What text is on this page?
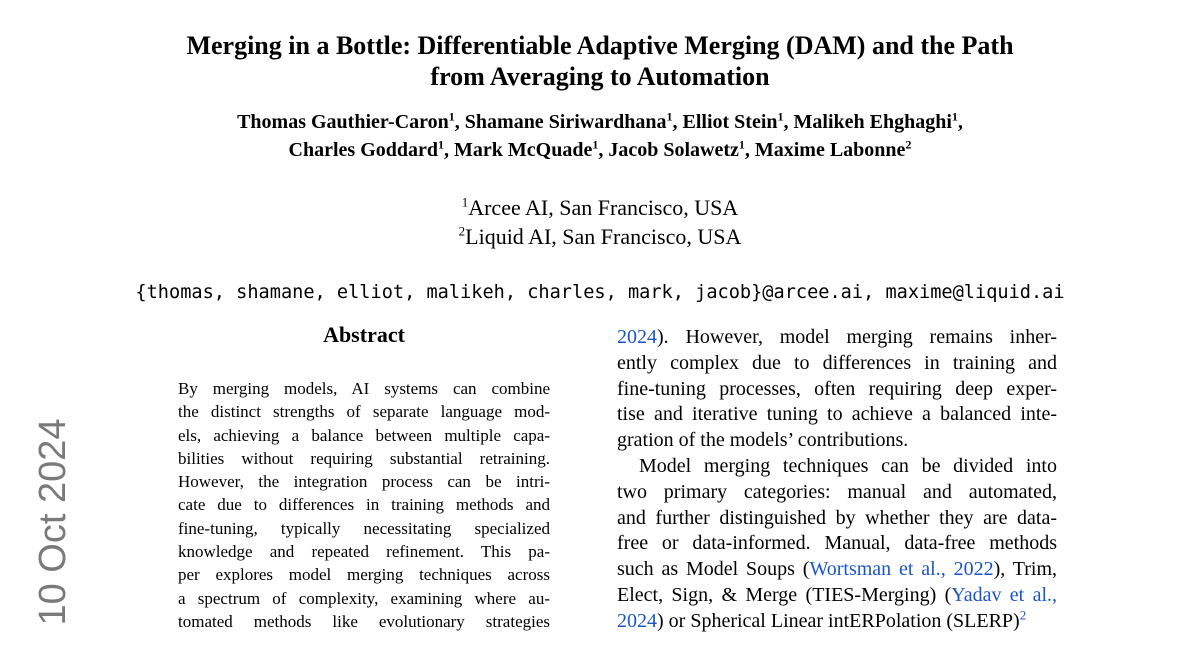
Merging in a Bottle: Differentiable Adaptive Merging (DAM) and the Path
from Averaging to Automation
Thomas Gauthier-Caron$^1$, Shamane Siriwardhana$^1$, Elliot Stein$^1$, Malikeh Ehghaghi$^1$,
Charles Goddard$^1$, Mark McQuade$^1$, Jacob Solawetz$^1$, Maxime Labonne$^2$
$^1$Arcee AI, San Francisco, USA
$^2$Liquid AI, San Francisco, USA
{thomas, shamane, elliot, malikeh, charles, mark, jacob}@arcee.ai, maxime@liquid.ai
Abstract
By merging models, AI systems can combine
the distinct strengths of separate language mod-
els, achieving a balance between multiple capa-
bilities without requiring substantial retraining.
However, the integration process can be intri-
cate due to differences in training methods and
fine-tuning, typically necessitating specialized
knowledge and repeated refinement. This pa-
per explores model merging techniques across
a spectrum of complexity, examining where au-
tomated methods like evolutionary strategies
2024). However, model merging remains inher-
ently complex due to differences in training and
fine-tuning processes, often requiring deep exper-
tise and iterative tuning to achieve a balanced inte-
gration of the models’ contributions.
Model merging techniques can be divided into
two primary categories: manual and automated,
and further distinguished by whether they are data-
free or data-informed. Manual, data-free methods
such as Model Soups (Wortsman et al., 2022), Trim,
Elect, Sign, & Merge (TIES-Merging) (Yadav et al.,
2024) or Spherical Linear intERPolation (SLERP)$^2$
10 Oct 2024
